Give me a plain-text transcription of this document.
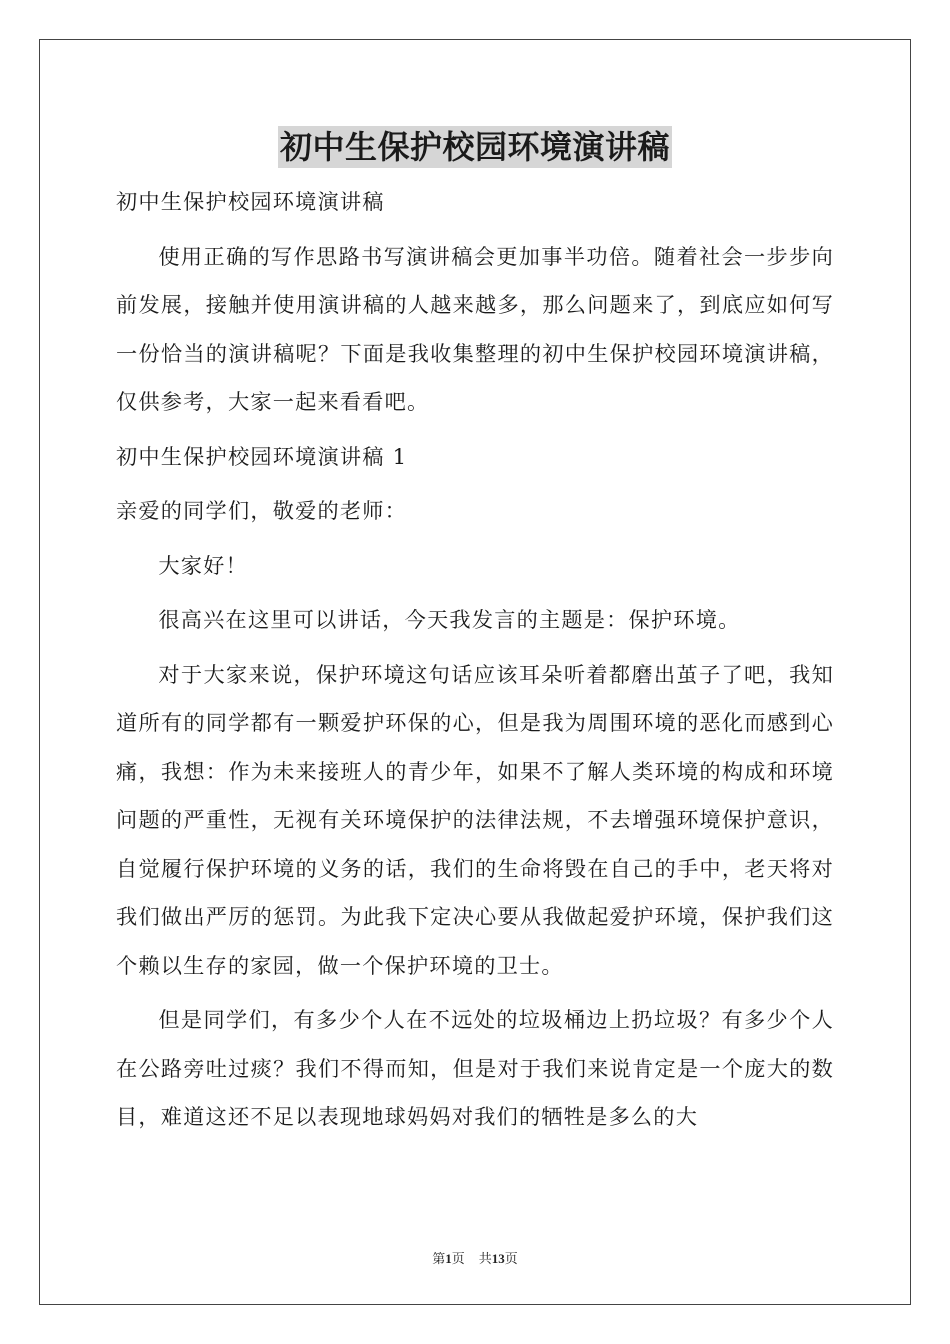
初中生保护校园环境演讲稿

初中生保护校园环境演讲稿

使用正确的写作思路书写演讲稿会更加事半功倍。随着社会一步步向前发展，接触并使用演讲稿的人越来越多，那么问题来了，到底应如何写一份恰当的演讲稿呢？下面是我收集整理的初中生保护校园环境演讲稿，仅供参考，大家一起来看看吧。

初中生保护校园环境演讲稿 1

亲爱的同学们，敬爱的老师：

大家好！

很高兴在这里可以讲话，今天我发言的主题是：保护环境。

对于大家来说，保护环境这句话应该耳朵听着都磨出茧子了吧，我知道所有的同学都有一颗爱护环保的心，但是我为周围环境的恶化而感到心痛，我想：作为未来接班人的青少年，如果不了解人类环境的构成和环境问题的严重性，无视有关环境保护的法律法规，不去增强环境保护意识，自觉履行保护环境的义务的话，我们的生命将毁在自己的手中，老天将对我们做出严厉的惩罚。为此我下定决心要从我做起爱护环境，保护我们这个赖以生存的家园，做一个保护环境的卫士。

但是同学们，有多少个人在不远处的垃圾桶边上扔垃圾？有多少个人在公路旁吐过痰？我们不得而知，但是对于我们来说肯定是一个庞大的数目，难道这还不足以表现地球妈妈对我们的牺牲是多么的大

第1页 共13页
